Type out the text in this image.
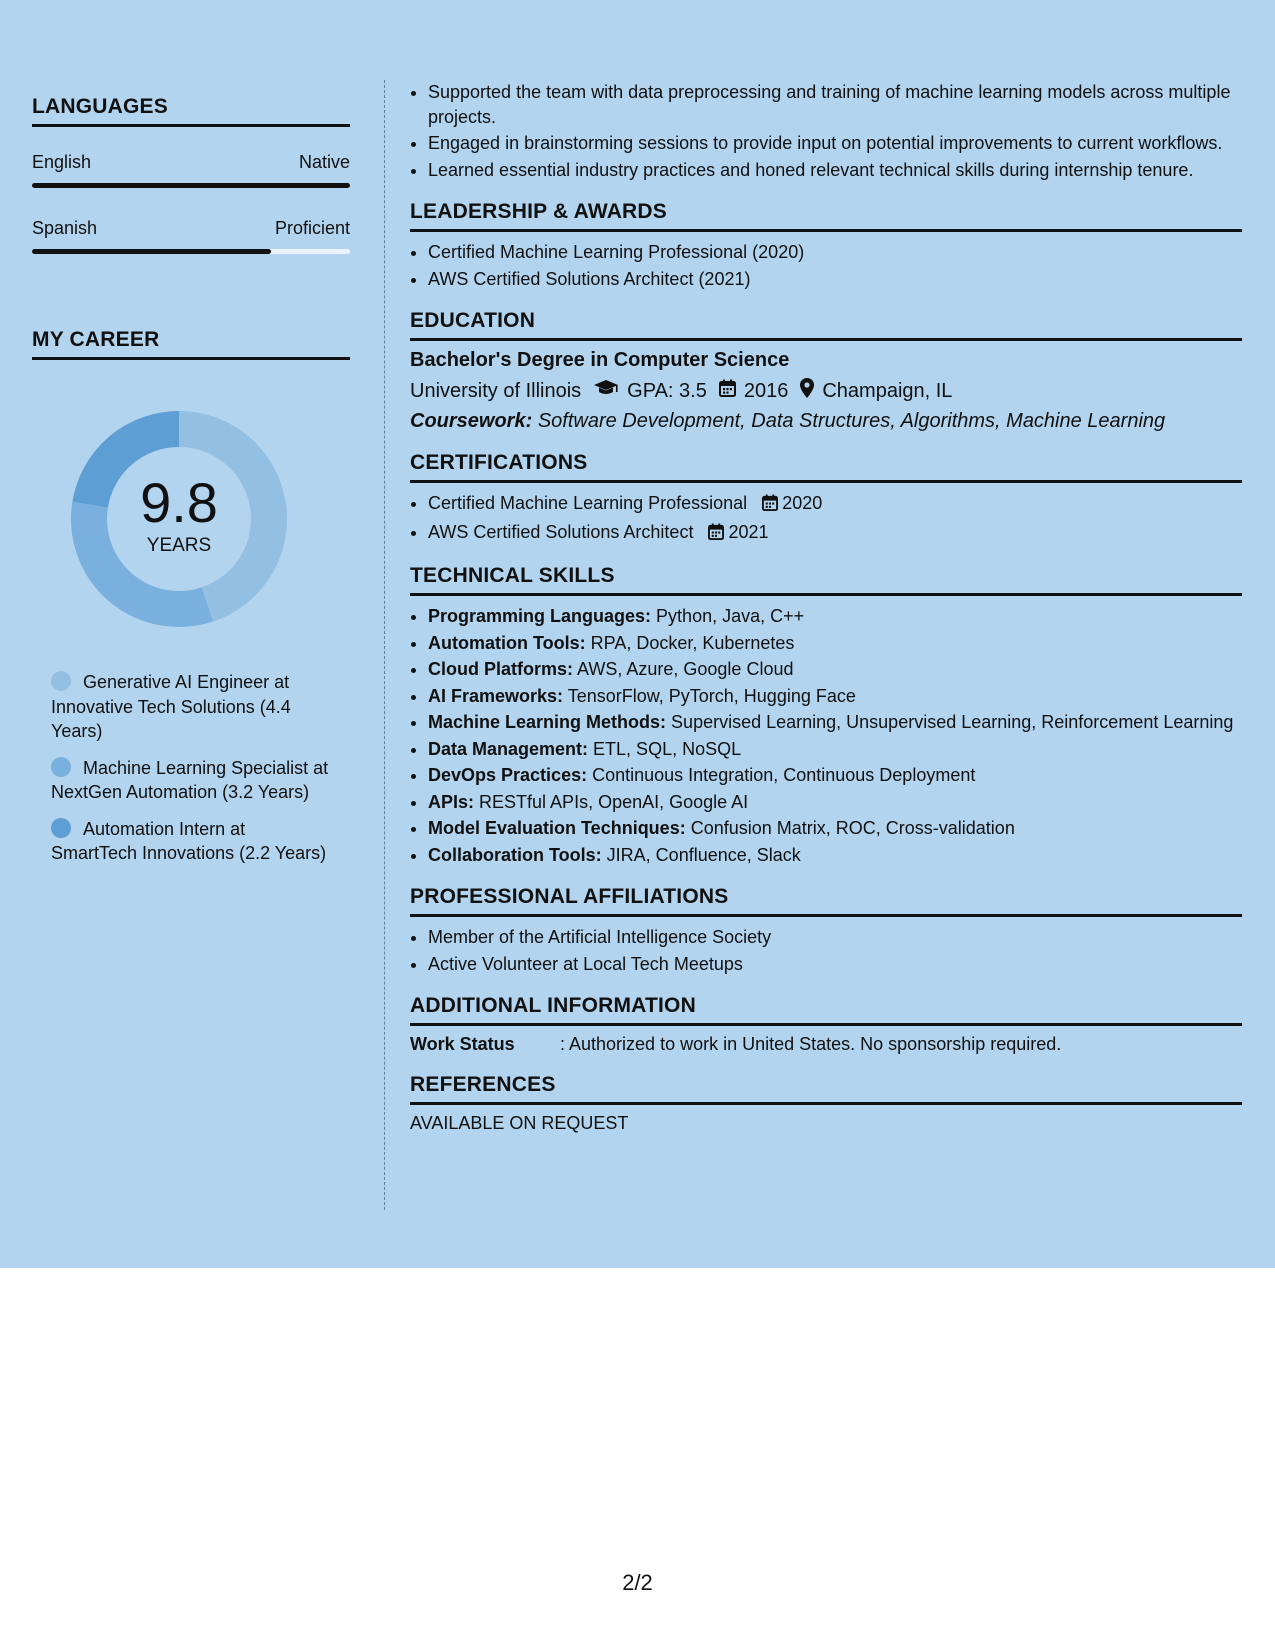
LANGUAGES
English	Native
Spanish	Proficient
MY CAREER
9.8
YEARS
Generative AI Engineer at Innovative Tech Solutions (4.4 Years)
Machine Learning Specialist at NextGen Automation (3.2 Years)
Automation Intern at SmartTech Innovations (2.2 Years)
• Supported the team with data preprocessing and training of machine learning models across multiple projects.
• Engaged in brainstorming sessions to provide input on potential improvements to current workflows.
• Learned essential industry practices and honed relevant technical skills during internship tenure.
LEADERSHIP & AWARDS
• Certified Machine Learning Professional (2020)
• AWS Certified Solutions Architect (2021)
EDUCATION
Bachelor's Degree in Computer Science
University of Illinois GPA: 3.5 2016 Champaign, IL
Coursework: Software Development, Data Structures, Algorithms, Machine Learning
CERTIFICATIONS
• Certified Machine Learning Professional 2020
• AWS Certified Solutions Architect 2021
TECHNICAL SKILLS
• Programming Languages: Python, Java, C++
• Automation Tools: RPA, Docker, Kubernetes
• Cloud Platforms: AWS, Azure, Google Cloud
• AI Frameworks: TensorFlow, PyTorch, Hugging Face
• Machine Learning Methods: Supervised Learning, Unsupervised Learning, Reinforcement Learning
• Data Management: ETL, SQL, NoSQL
• DevOps Practices: Continuous Integration, Continuous Deployment
• APIs: RESTful APIs, OpenAI, Google AI
• Model Evaluation Techniques: Confusion Matrix, ROC, Cross-validation
• Collaboration Tools: JIRA, Confluence, Slack
PROFESSIONAL AFFILIATIONS
• Member of the Artificial Intelligence Society
• Active Volunteer at Local Tech Meetups
ADDITIONAL INFORMATION
Work Status	: Authorized to work in United States. No sponsorship required.
REFERENCES
AVAILABLE ON REQUEST
2/2
